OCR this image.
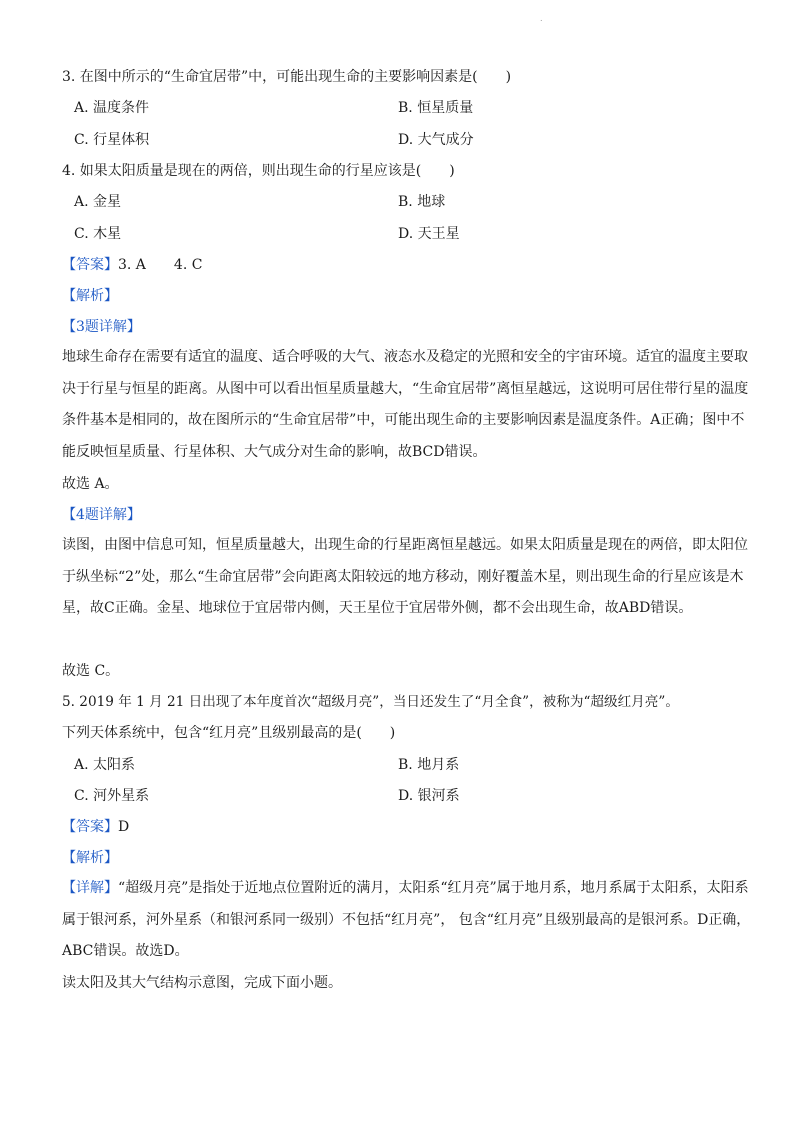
.
3. 在图中所示的“生命宜居带”中，可能出现生命的主要影响因素是(　　)
A. 温度条件	B. 恒星质量
C. 行星体积	D. 大气成分
4. 如果太阳质量是现在的两倍，则出现生命的行星应该是(　　)
A. 金星	B. 地球
C. 木星	D. 天王星
【答案】3. A　　4. C
【解析】
【3题详解】
地球生命存在需要有适宜的温度、适合呼吸的大气、液态水及稳定的光照和安全的宇宙环境。适宜的温度主要取决于行星与恒星的距离。从图中可以看出恒星质量越大，“生命宜居带”离恒星越远，这说明可居住带行星的温度条件基本是相同的，故在图所示的“生命宜居带”中，可能出现生命的主要影响因素是温度条件。A正确；图中不能反映恒星质量、行星体积、大气成分对生命的影响，故BCD错误。
故选 A。
【4题详解】
读图，由图中信息可知，恒星质量越大，出现生命的行星距离恒星越远。如果太阳质量是现在的两倍，即太阳位于纵坐标“2”处，那么“生命宜居带”会向距离太阳较远的地方移动，刚好覆盖木星，则出现生命的行星应该是木星，故C正确。金星、地球位于宜居带内侧，天王星位于宜居带外侧，都不会出现生命，故ABD错误。
故选 C。
5. 2019 年 1 月 21 日出现了本年度首次“超级月亮”，当日还发生了“月全食”，被称为“超级红月亮”。
下列天体系统中，包含“红月亮”且级别最高的是(　　)
A. 太阳系	B. 地月系
C. 河外星系	D. 银河系
【答案】D
【解析】
【详解】“超级月亮”是指处于近地点位置附近的满月，太阳系“红月亮”属于地月系，地月系属于太阳系，太阳系属于银河系，河外星系（和银河系同一级别）不包括“红月亮”， 包含“红月亮”且级别最高的是银河系。D正确，ABC错误。故选D。
读太阳及其大气结构示意图，完成下面小题。
